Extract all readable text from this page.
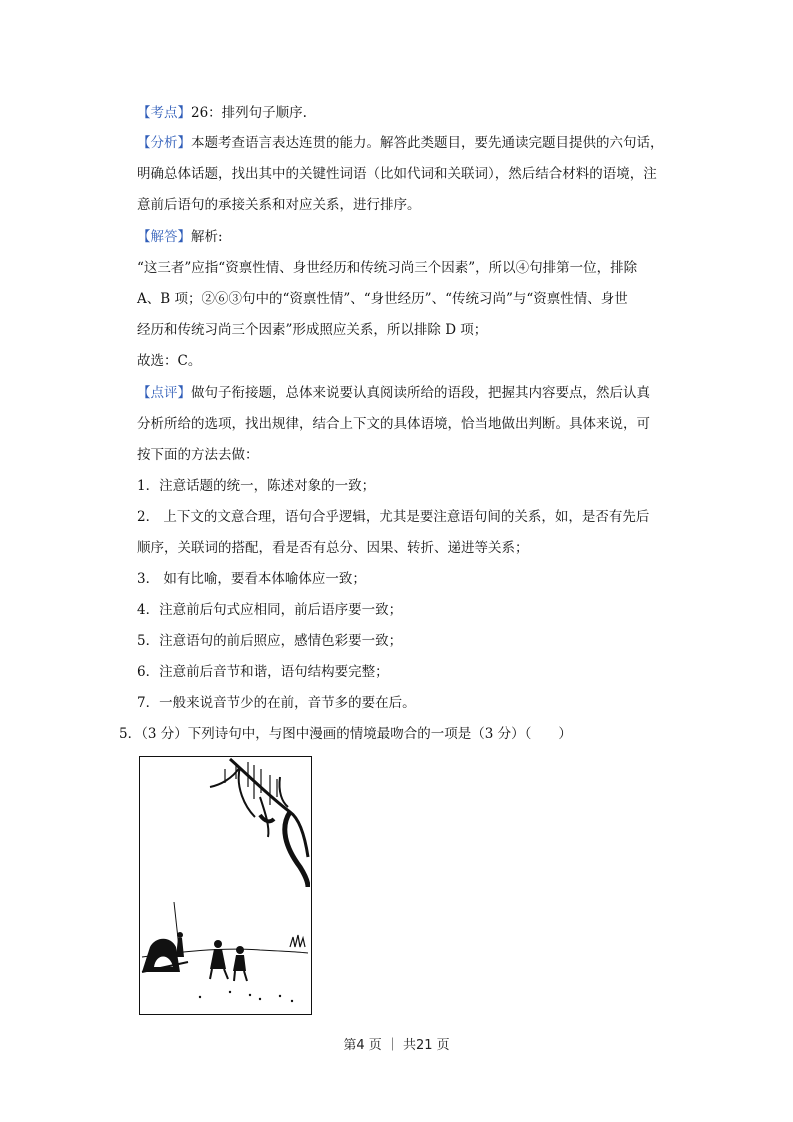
【考点】26：排列句子顺序.
【分析】本题考查语言表达连贯的能力。解答此类题目，要先通读完题目提供的六句话，
明确总体话题，找出其中的关键性词语（比如代词和关联词），然后结合材料的语境，注
意前后语句的承接关系和对应关系，进行排序。
【解答】解析:
“这三者”应指“资禀性情、身世经历和传统习尚三个因素”，所以④句排第一位，排除
A、B 项；②⑥③句中的“资禀性情”、“身世经历”、“传统习尚”与“资禀性情、身世
经历和传统习尚三个因素”形成照应关系，所以排除 D 项；
故选：C。
【点评】做句子衔接题，总体来说要认真阅读所给的语段，把握其内容要点，然后认真
分析所给的选项，找出规律，结合上下文的具体语境，恰当地做出判断。具体来说，可
按下面的方法去做：
1．注意话题的统一，陈述对象的一致；
2． 上下文的文意合理，语句合乎逻辑，尤其是要注意语句间的关系，如，是否有先后
顺序，关联词的搭配，看是否有总分、因果、转折、递进等关系；
3． 如有比喻，要看本体喻体应一致；
4．注意前后句式应相同，前后语序要一致；
5．注意语句的前后照应，感情色彩要一致；
6．注意前后音节和谐，语句结构要完整；
7．一般来说音节少的在前，音节多的要在后。
5．（3 分）下列诗句中，与图中漫画的情境最吻合的一项是（3 分）（　　）
第4 页 ｜ 共21 页
